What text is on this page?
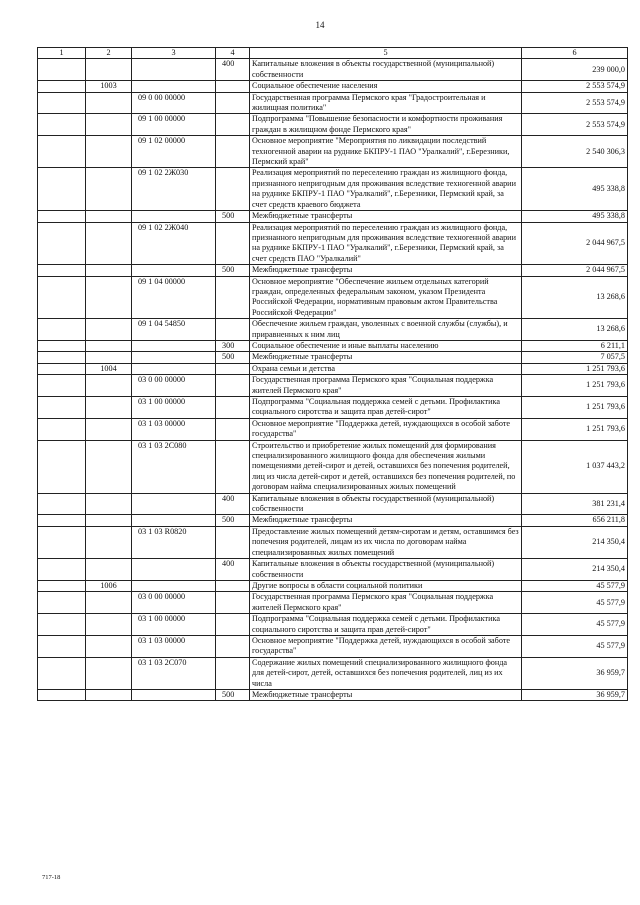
14
1	2	3	4	5	6
			400	Капитальные вложения в объекты государственной (муниципальной) собственности	239 000,0
	1003			Социальное обеспечение населения	2 553 574,9
		09 0 00 00000		Государственная программа Пермского края "Градостроительная и жилищная политика"	2 553 574,9
		09 1 00 00000		Подпрограмма "Повышение безопасности и комфортности проживания граждан в жилищном фонде Пермского края"	2 553 574,9
		09 1 02 00000		Основное мероприятие "Мероприятия по ликвидации последствий техногенной аварии на руднике БКПРУ-1 ПАО "Уралкалий", г.Березники, Пермский край"	2 540 306,3
		09 1 02 2Ж030		Реализация мероприятий по переселению граждан из жилищного фонда, признанного непригодным для проживания вследствие техногенной аварии на руднике БКПРУ-1 ПАО "Уралкалий", г.Березники, Пермский край, за счет средств краевого бюджета	495 338,8
			500	Межбюджетные трансферты	495 338,8
		09 1 02 2Ж040		Реализация мероприятий по переселению граждан из жилищного фонда, признанного непригодным для проживания вследствие техногенной аварии на руднике БКПРУ-1 ПАО "Уралкалий", г.Березники, Пермский край, за счет средств ПАО "Уралкалий"	2 044 967,5
			500	Межбюджетные трансферты	2 044 967,5
		09 1 04 00000		Основное мероприятие "Обеспечение жильем отдельных категорий граждан, определенных федеральным законом, указом Президента Российской Федерации, нормативным правовым актом Правительства Российской Федерации"	13 268,6
		09 1 04 54850		Обеспечение жильем граждан, уволенных с военной службы (службы), и приравненных к ним лиц	13 268,6
			300	Социальное обеспечение и иные выплаты населению	6 211,1
			500	Межбюджетные трансферты	7 057,5
	1004			Охрана семьи и детства	1 251 793,6
		03 0 00 00000		Государственная программа Пермского края "Социальная поддержка жителей Пермского края"	1 251 793,6
		03 1 00 00000		Подпрограмма "Социальная поддержка семей с детьми. Профилактика социального сиротства и защита прав детей-сирот"	1 251 793,6
		03 1 03 00000		Основное мероприятие "Поддержка детей, нуждающихся в особой заботе государства"	1 251 793,6
		03 1 03 2С080		Строительство и приобретение жилых помещений для формирования специализированного жилищного фонда для обеспечения жилыми помещениями детей-сирот и детей, оставшихся без попечения родителей, лиц из числа детей-сирот и детей, оставшихся без попечения родителей, по договорам найма специализированных жилых помещений	1 037 443,2
			400	Капитальные вложения в объекты государственной (муниципальной) собственности	381 231,4
			500	Межбюджетные трансферты	656 211,8
		03 1 03 R0820		Предоставление жилых помещений детям-сиротам и детям, оставшимся без попечения родителей, лицам из их числа по договорам найма специализированных жилых помещений	214 350,4
			400	Капитальные вложения в объекты государственной (муниципальной) собственности	214 350,4
	1006			Другие вопросы в области социальной политики	45 577,9
		03 0 00 00000		Государственная программа Пермского края "Социальная поддержка жителей Пермского края"	45 577,9
		03 1 00 00000		Подпрограмма "Социальная поддержка семей с детьми. Профилактика социального сиротства и защита прав детей-сирот"	45 577,9
		03 1 03 00000		Основное мероприятие "Поддержка детей, нуждающихся в особой заботе государства"	45 577,9
		03 1 03 2С070		Содержание жилых помещений специализированного жилищного фонда для детей-сирот, детей, оставшихся без попечения родителей, лиц из их числа	36 959,7
			500	Межбюджетные трансферты	36 959,7
717-18
